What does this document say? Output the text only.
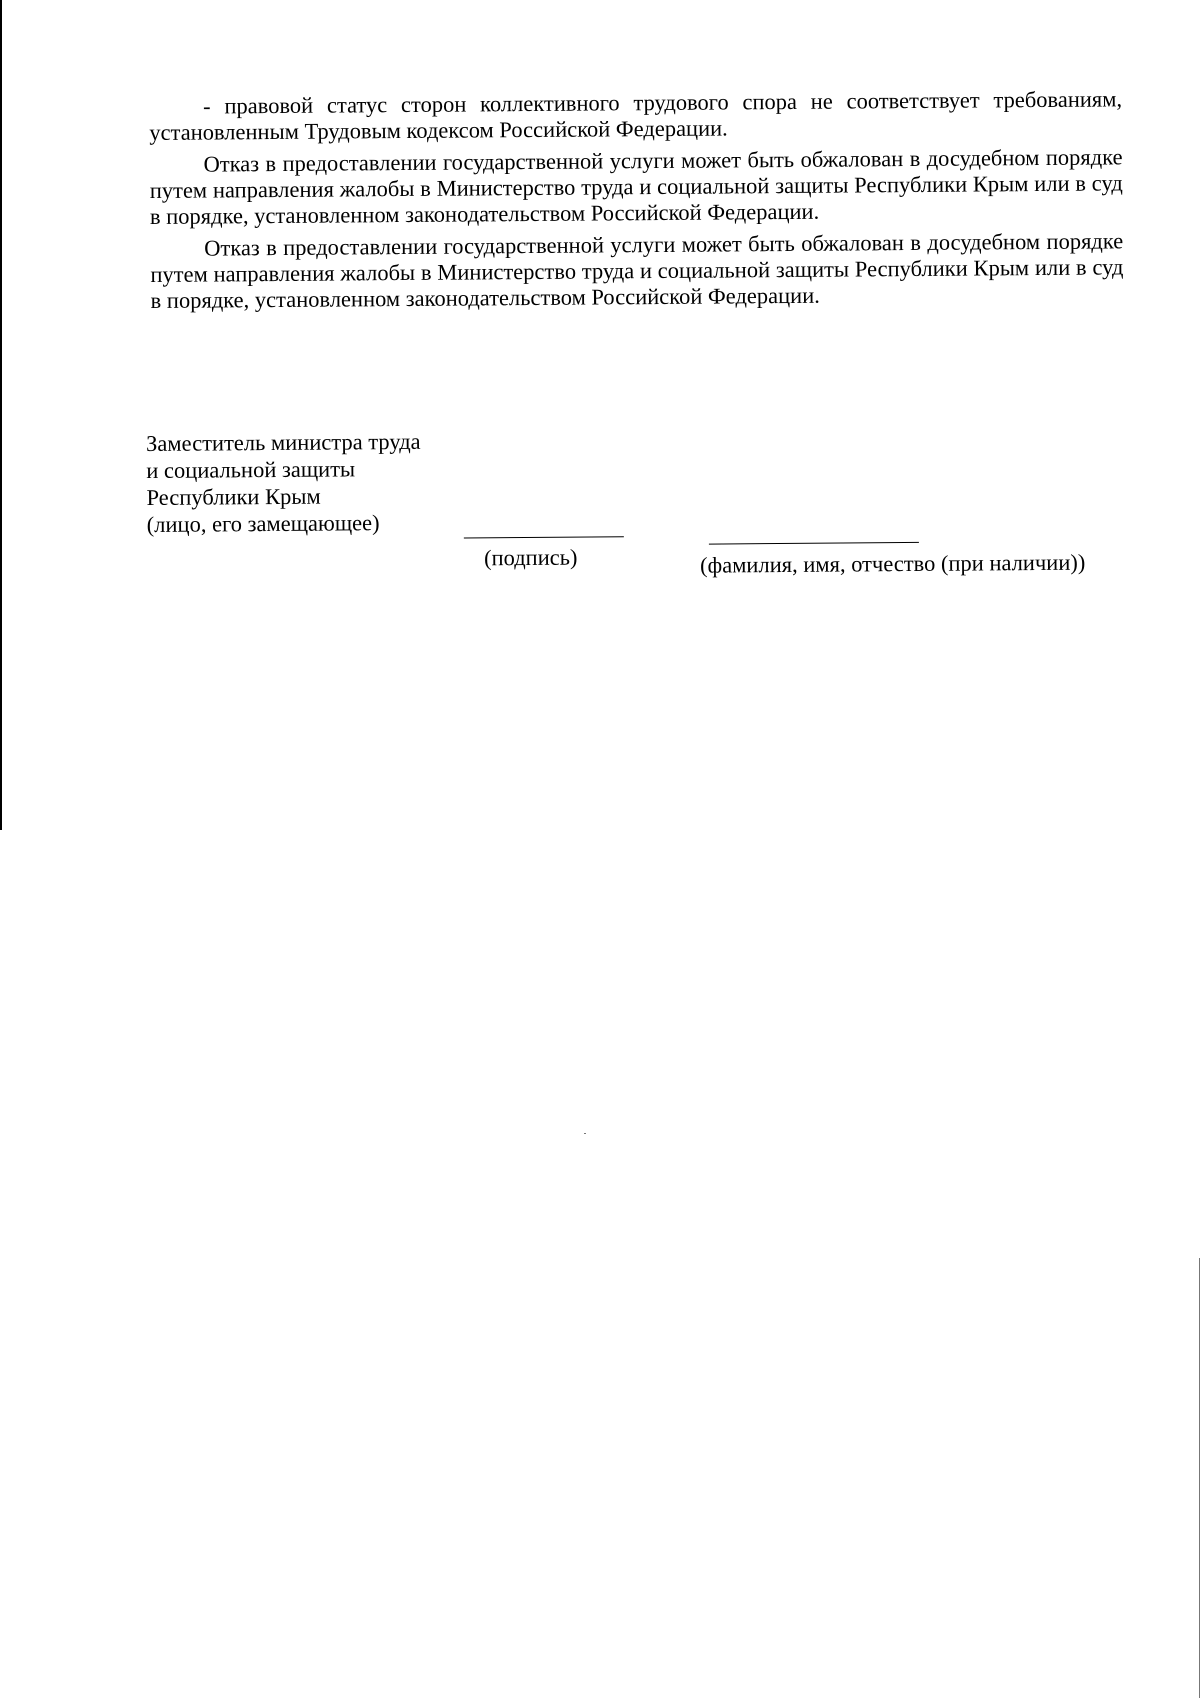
- правовой статус сторон коллективного трудового спора не соответствует требованиям, установленным Трудовым кодексом Российской Федерации.

Отказ в предоставлении государственной услуги может быть обжалован в досудебном порядке путем направления жалобы в Министерство труда и социальной защиты Республики Крым или в суд в порядке, установленном законодательством Российской Федерации.

Отказ в предоставлении государственной услуги может быть обжалован в досудебном порядке путем направления жалобы в Министерство труда и социальной защиты Республики Крым или в суд в порядке, установленном законодательством Российской Федерации.

Заместитель министра труда
и социальной защиты
Республики Крым
(лицо, его замещающее)
(подпись)	(фамилия, имя, отчество (при наличии))
